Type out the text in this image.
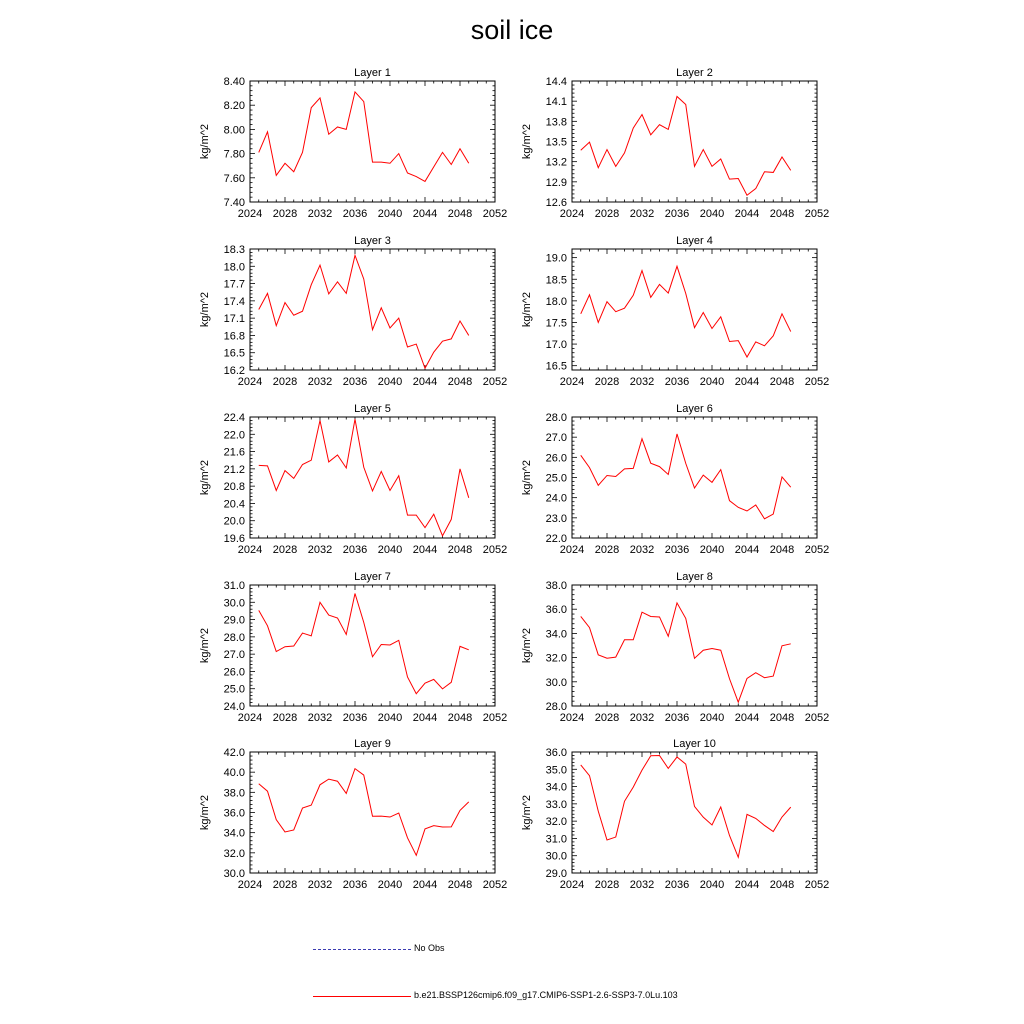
soil ice
Layer 1
kg/m^2
2024 2028 2032 2036 2040 2044 2048 2052
7.40
7.60
7.80
8.00
8.20
8.40
Layer 2
kg/m^2
2024 2028 2032 2036 2040 2044 2048 2052
12.6
12.9
13.2
13.5
13.8
14.1
14.4
Layer 3
kg/m^2
2024 2028 2032 2036 2040 2044 2048 2052
16.2
16.5
16.8
17.1
17.4
17.7
18.0
18.3
Layer 4
kg/m^2
2024 2028 2032 2036 2040 2044 2048 2052
16.5
17.0
17.5
18.0
18.5
19.0
Layer 5
kg/m^2
2024 2028 2032 2036 2040 2044 2048 2052
19.6
20.0
20.4
20.8
21.2
21.6
22.0
22.4
Layer 6
kg/m^2
2024 2028 2032 2036 2040 2044 2048 2052
22.0
23.0
24.0
25.0
26.0
27.0
28.0
Layer 7
kg/m^2
2024 2028 2032 2036 2040 2044 2048 2052
24.0
25.0
26.0
27.0
28.0
29.0
30.0
31.0
Layer 8
kg/m^2
2024 2028 2032 2036 2040 2044 2048 2052
28.0
30.0
32.0
34.0
36.0
38.0
Layer 9
kg/m^2
2024 2028 2032 2036 2040 2044 2048 2052
30.0
32.0
34.0
36.0
38.0
40.0
42.0
Layer 10
kg/m^2
2024 2028 2032 2036 2040 2044 2048 2052
29.0
30.0
31.0
32.0
33.0
34.0
35.0
36.0
No Obs
b.e21.BSSP126cmip6.f09_g17.CMIP6-SSP1-2.6-SSP3-7.0Lu.103
